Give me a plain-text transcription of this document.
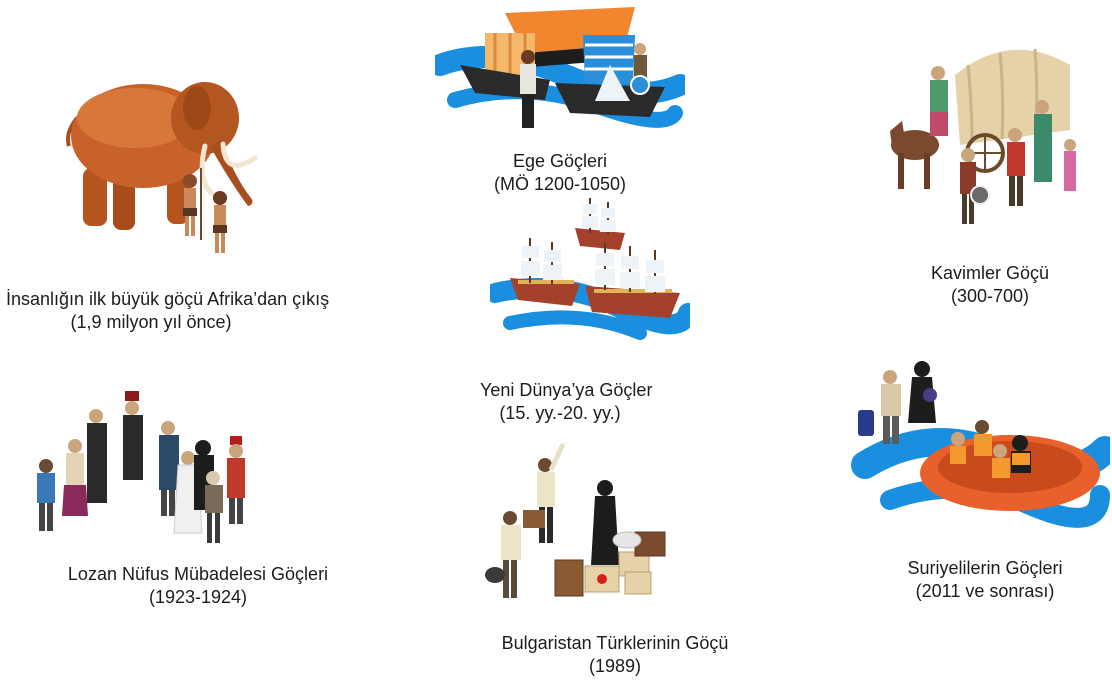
İnsanlığın ilk büyük göçü Afrika’dan çıkış
(1,9 milyon yıl önce)
Ege Göçleri
(MÖ 1200-1050)
Yeni Dünya’ya Göçler
(15. yy.-20. yy.)
Kavimler Göçü
(300-700)
Lozan Nüfus Mübadelesi Göçleri
(1923-1924)
Bulgaristan Türklerinin Göçü
(1989)
Suriyelilerin Göçleri
(2011 ve sonrası)
